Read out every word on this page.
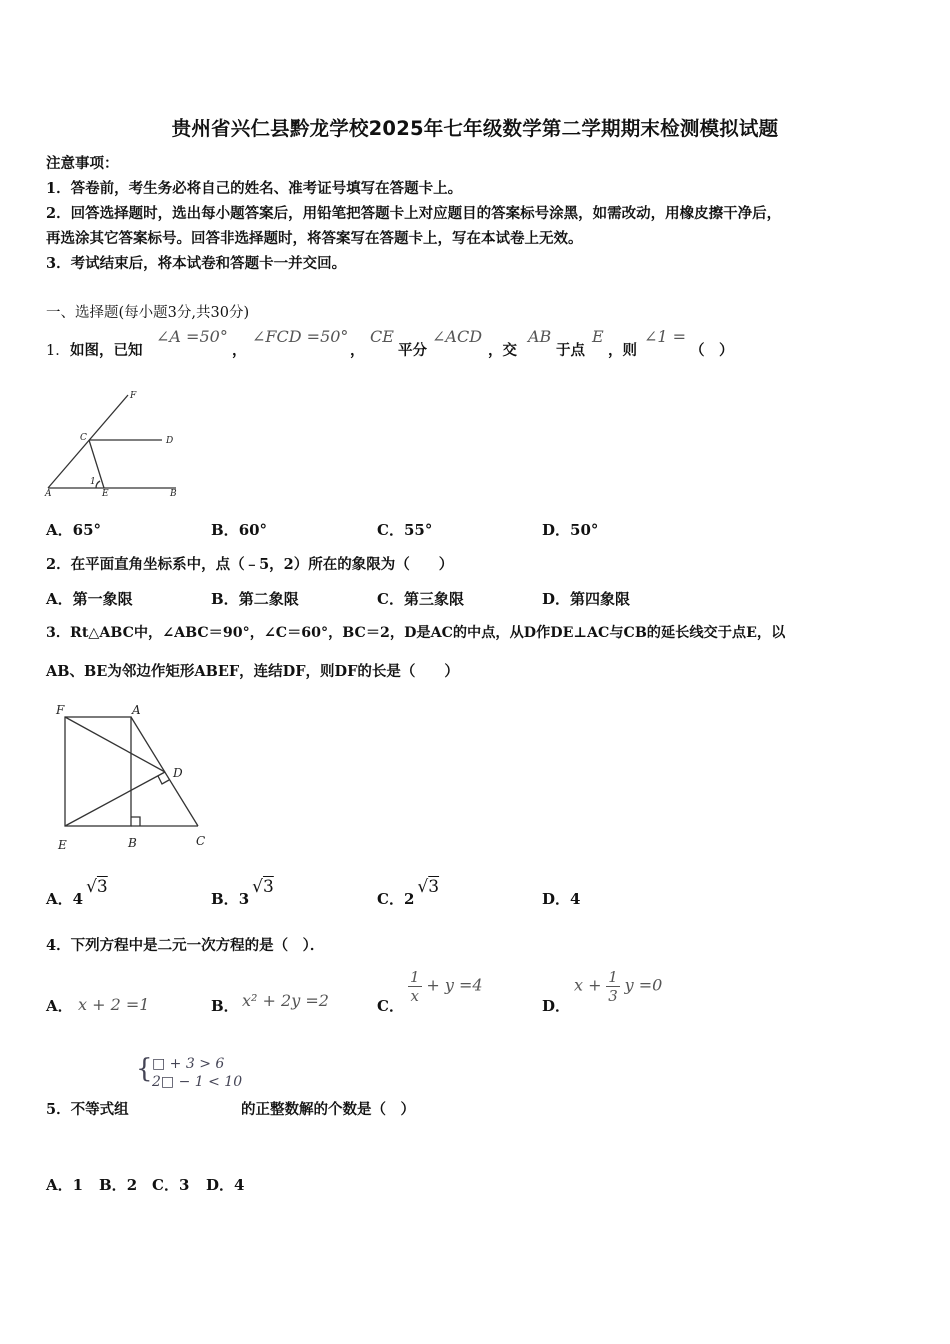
贵州省兴仁县黔龙学校2025年七年级数学第二学期期末检测模拟试题
注意事项：
1．答卷前，考生务必将自己的姓名、准考证号填写在答题卡上。
2．回答选择题时，选出每小题答案后，用铅笔把答题卡上对应题目的答案标号涂黑，如需改动，用橡皮擦干净后，
再选涂其它答案标号。回答非选择题时，将答案写在答题卡上，写在本试卷上无效。
3．考试结束后，将本试卷和答题卡一并交回。
一、选择题(每小题3分,共30分)
1． 如图，已知
∠A =50°
，
∠FCD =50°
，
CE
平分
∠ACD
，交
AB
于点
E
，则
∠1 =
（　）
F
C	D
A
1
E	B
A．65°	B．60°	C．55°	D．50°
2．在平面直角坐标系中，点（﹣5，2）所在的象限为（　　）
A．第一象限	B．第二象限	C．第三象限	D．第四象限
3．Rt△ABC中，∠ABC＝90°，∠C＝60°，BC＝2，D是AC的中点，从D作DE⊥AC与CB的延长线交于点E，以
AB、BE为邻边作矩形ABEF，连结DF，则DF的长是（　　）
F	A
D
E	B	C
A．4√3
B．3√3
C．2√3
D．4
4．下列方程中是二元一次方程的是（　）．
A． x + 2 =1	B． x² + 2y =2	C．
$\frac{1}{x} + y =4$
D．
$x + \frac{1}{3}$ y =0
5．不等式组
{ □ + 3 > 6
2□ − 1 < 10
的正整数解的个数是（　）
A．1 B．2 C．3 D．4
